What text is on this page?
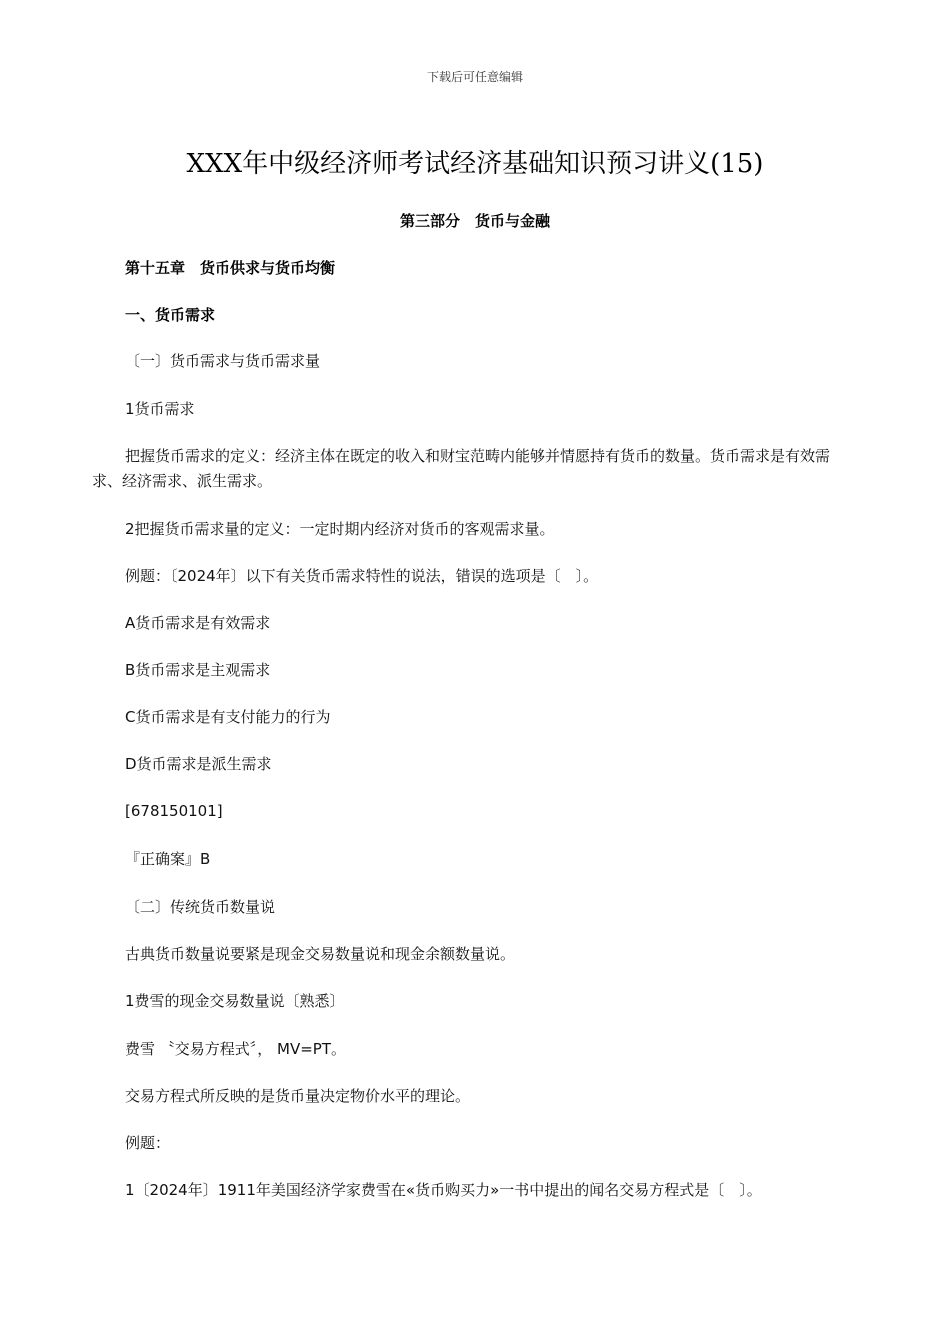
下载后可任意编辑
XXX年中级经济师考试经济基础知识预习讲义(15)
第三部分　货币与金融
第十五章　货币供求与货币均衡
一、货币需求
〔一〕货币需求与货币需求量
1货币需求
把握货币需求的定义：经济主体在既定的收入和财宝范畴内能够并情愿持有货币的数量。货币需求是有效需求、经济需求、派生需求。
2把握货币需求量的定义：一定时期内经济对货币的客观需求量。
例题：〔2024年〕以下有关货币需求特性的说法，错误的选项是〔　〕。
A货币需求是有效需求
B货币需求是主观需求
C货币需求是有支付能力的行为
D货币需求是派生需求
[678150101]
『正确案』B
〔二〕传统货币数量说
古典货币数量说要紧是现金交易数量说和现金余额数量说。
1费雪的现金交易数量说〔熟悉〕
费雪 〝交易方程式〞， MV=PT。
交易方程式所反映的是货币量决定物价水平的理论。
例题：
1〔2024年〕1911年美国经济学家费雪在«货币购买力»一书中提出的闻名交易方程式是〔　〕。
